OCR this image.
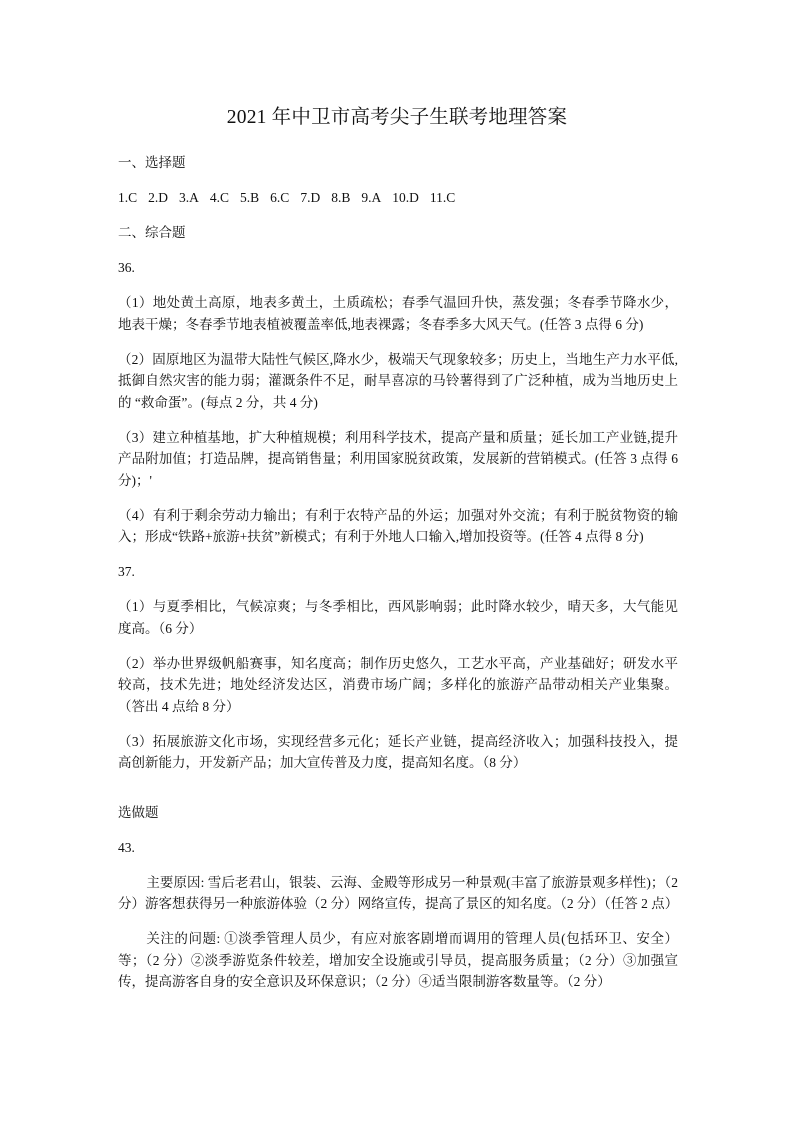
2021 年中卫市高考尖子生联考地理答案

一、选择题

1.C 2.D 3.A 4.C 5.B 6.C 7.D 8.B 9.A 10.D 11.C

二、综合题

36.

（1）地处黄土高原，地表多黄土，土质疏松；春季气温回升快，蒸发强；冬春季节降水少，地表干燥；冬春季节地表植被覆盖率低,地表裸露；冬春季多大风天气。(任答 3 点得 6 分)

（2）固原地区为温带大陆性气候区,降水少，极端天气现象较多；历史上，当地生产力水平低,抵御自然灾害的能力弱；灌溉条件不足，耐旱喜凉的马铃薯得到了广泛种植，成为当地历史上的 “救命蛋”。(每点 2 分，共 4 分)

（3）建立种植基地，扩大种植规模；利用科学技术，提高产量和质量；延长加工产业链,提升产品附加值；打造品牌，提高销售量；利用国家脱贫政策，发展新的营销模式。(任答 3 点得 6 分)；'

（4）有利于剩余劳动力输出；有利于农特产品的外运；加强对外交流；有利于脱贫物资的输入；形成“铁路+旅游+扶贫”新模式；有利于外地人口输入,增加投资等。(任答 4 点得 8 分)

37.

（1）与夏季相比，气候凉爽；与冬季相比，西风影响弱；此时降水较少，晴天多，大气能见度高。（6 分）

（2）举办世界级帆船赛事，知名度高；制作历史悠久，工艺水平高，产业基础好；研发水平较高，技术先进；地处经济发达区，消费市场广阔；多样化的旅游产品带动相关产业集聚。（答出 4 点给 8 分）

（3）拓展旅游文化市场，实现经营多元化；延长产业链，提高经济收入；加强科技投入，提高创新能力，开发新产品；加大宣传普及力度，提高知名度。（8 分）

选做题

43.

主要原因: 雪后老君山，银装、云海、金殿等形成另一种景观(丰富了旅游景观多样性)；（2 分）游客想获得另一种旅游体验（2 分）网络宣传，提高了景区的知名度。（2 分）（任答 2 点）

关注的问题: ①淡季管理人员少，有应对旅客剧增而调用的管理人员(包括环卫、安全）等；（2 分）②淡季游览条件较差，增加安全设施或引导员，提高服务质量；（2 分）③加强宣传，提高游客自身的安全意识及环保意识；（2 分）④适当限制游客数量等。（2 分）
